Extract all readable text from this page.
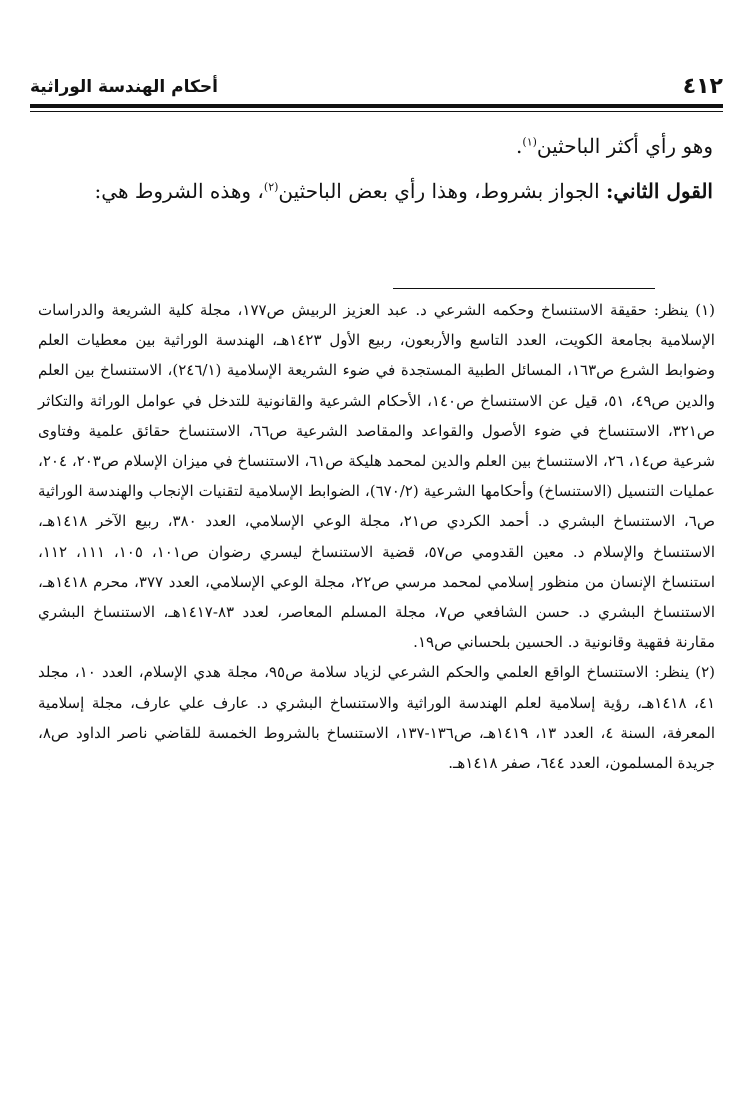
٤١٢
أحكام الهندسة الوراثية

وهو رأي أكثر الباحثين$^{(١)}$.

القول الثاني: الجواز بشروط، وهذا رأي بعض الباحثين$^{(٢)}$، وهذه الشروط هي:

(١) ينظر: حقيقة الاستنساخ وحكمه الشرعي د. عبد العزيز الربيش ص١٧٧، مجلة كلية الشريعة والدراسات الإسلامية بجامعة الكويت، العدد التاسع والأربعون، ربيع الأول ١٤٢٣هـ، الهندسة الوراثية بين معطيات العلم وضوابط الشرع ص١٦٣، المسائل الطبية المستجدة في ضوء الشريعة الإسلامية (٢٤٦/١)، الاستنساخ بين العلم والدين ص٤٩، ٥١، قيل عن الاستنساخ ص١٤٠، الأحكام الشرعية والقانونية للتدخل في عوامل الوراثة والتكاثر ص٣٢١، الاستنساخ في ضوء الأصول والقواعد والمقاصد الشرعية ص٦٦، الاستنساخ حقائق علمية وفتاوى شرعية ص١٤، ٢٦، الاستنساخ بين العلم والدين لمحمد هليكة ص٦١، الاستنساخ في ميزان الإسلام ص٢٠٣، ٢٠٤، عمليات التنسيل (الاستنساخ) وأحكامها الشرعية (٦٧٠/٢)، الضوابط الإسلامية لتقنيات الإنجاب والهندسة الوراثية ص٦، الاستنساخ البشري د. أحمد الكردي ص٢١، مجلة الوعي الإسلامي، العدد ٣٨٠، ربيع الآخر ١٤١٨هـ، الاستنساخ والإسلام د. معين القدومي ص٥٧، قضية الاستنساخ ليسري رضوان ص١٠١، ١٠٥، ١١١، ١١٢، استنساخ الإنسان من منظور إسلامي لمحمد مرسي ص٢٢، مجلة الوعي الإسلامي، العدد ٣٧٧، محرم ١٤١٨هـ، الاستنساخ البشري د. حسن الشافعي ص٧، مجلة المسلم المعاصر، لعدد ٨٣-١٤١٧هـ، الاستنساخ البشري مقارنة فقهية وقانونية د. الحسين بلحساني ص١٩.

(٢) ينظر: الاستنساخ الواقع العلمي والحكم الشرعي لزياد سلامة ص٩٥، مجلة هدي الإسلام، العدد ١٠، مجلد ٤١، ١٤١٨هـ، رؤية إسلامية لعلم الهندسة الوراثية والاستنساخ البشري د. عارف علي عارف، مجلة إسلامية المعرفة، السنة ٤، العدد ١٣، ١٤١٩هـ، ص١٣٦-١٣٧، الاستنساخ بالشروط الخمسة للقاضي ناصر الداود ص٨، جريدة المسلمون، العدد ٦٤٤، صفر ١٤١٨هـ.
